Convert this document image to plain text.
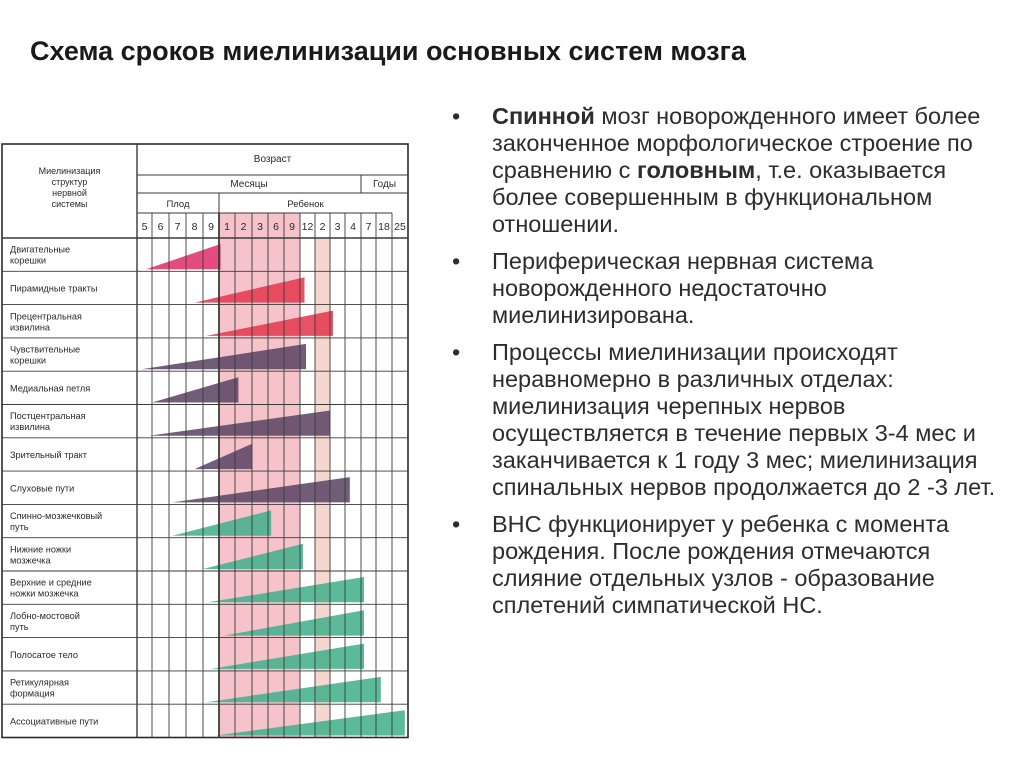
Схема сроков миелинизации основных систем мозга
Миелинизация
структур
нервной
системы
Возраст
Месяцы	Годы
Плод	Ребенок
5 6 7 8 9 1 2 3 6 9 12 2 3 4 7 18 25
Двигательные
корешки
Пирамидные тракты
Прецентральная
извилина
Чувствительные
корешки
Медиальная петля
Постцентральная
извилина
Зрительный тракт
Слуховые пути
Спинно-мозжечковый
путь
Нижние ножки
мозжечка
Верхние и средние
ножки мозжечка
Лобно-мостовой
путь
Полосатое тело
Ретикулярная
формация
Ассоциативные пути
• Спинной мозг новорожденного имеет более законченное морфологическое строение по сравнению с головным, т.е. оказывается более совершенным в функциональном отношении.
• Периферическая нервная система новорожденного недостаточно миелинизирована.
• Процессы миелинизации происходят неравномерно в различных отделах: миелинизация черепных нервов осуществляется в течение первых 3-4 мес и заканчивается к 1 году 3 мес; миелинизация спинальных нервов продолжается до 2 -3 лет.
• ВНС функционирует у ребенка с момента рождения. После рождения отмечаются слияние отдельных узлов - образование сплетений симпатической НС.
